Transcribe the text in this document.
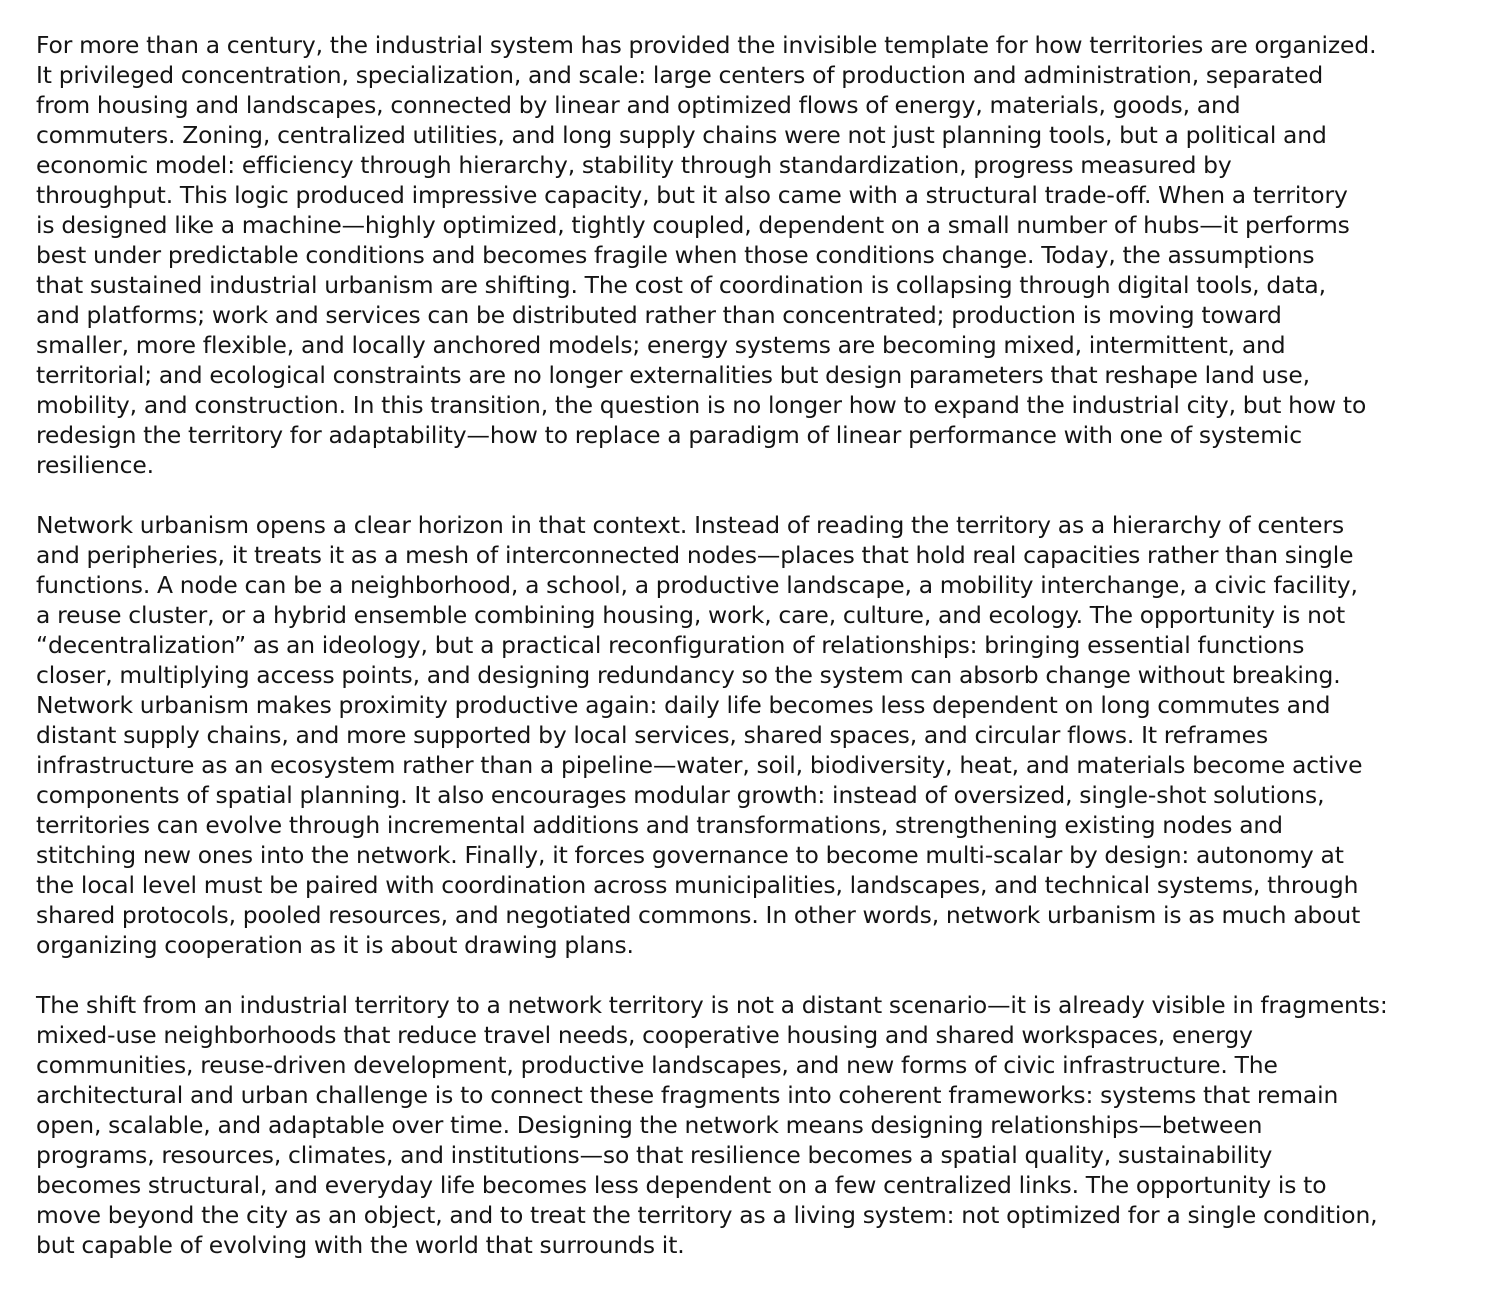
For more than a century, the industrial system has provided the invisible template for how territories are organized.
It privileged concentration, specialization, and scale: large centers of production and administration, separated
from housing and landscapes, connected by linear and optimized flows of energy, materials, goods, and
commuters. Zoning, centralized utilities, and long supply chains were not just planning tools, but a political and
economic model: efficiency through hierarchy, stability through standardization, progress measured by
throughput. This logic produced impressive capacity, but it also came with a structural trade-off. When a territory
is designed like a machine—highly optimized, tightly coupled, dependent on a small number of hubs—it performs
best under predictable conditions and becomes fragile when those conditions change. Today, the assumptions
that sustained industrial urbanism are shifting. The cost of coordination is collapsing through digital tools, data,
and platforms; work and services can be distributed rather than concentrated; production is moving toward
smaller, more flexible, and locally anchored models; energy systems are becoming mixed, intermittent, and
territorial; and ecological constraints are no longer externalities but design parameters that reshape land use,
mobility, and construction. In this transition, the question is no longer how to expand the industrial city, but how to
redesign the territory for adaptability—how to replace a paradigm of linear performance with one of systemic
resilience.

Network urbanism opens a clear horizon in that context. Instead of reading the territory as a hierarchy of centers
and peripheries, it treats it as a mesh of interconnected nodes—places that hold real capacities rather than single
functions. A node can be a neighborhood, a school, a productive landscape, a mobility interchange, a civic facility,
a reuse cluster, or a hybrid ensemble combining housing, work, care, culture, and ecology. The opportunity is not
“decentralization” as an ideology, but a practical reconfiguration of relationships: bringing essential functions
closer, multiplying access points, and designing redundancy so the system can absorb change without breaking.
Network urbanism makes proximity productive again: daily life becomes less dependent on long commutes and
distant supply chains, and more supported by local services, shared spaces, and circular flows. It reframes
infrastructure as an ecosystem rather than a pipeline—water, soil, biodiversity, heat, and materials become active
components of spatial planning. It also encourages modular growth: instead of oversized, single-shot solutions,
territories can evolve through incremental additions and transformations, strengthening existing nodes and
stitching new ones into the network. Finally, it forces governance to become multi-scalar by design: autonomy at
the local level must be paired with coordination across municipalities, landscapes, and technical systems, through
shared protocols, pooled resources, and negotiated commons. In other words, network urbanism is as much about
organizing cooperation as it is about drawing plans.

The shift from an industrial territory to a network territory is not a distant scenario—it is already visible in fragments:
mixed-use neighborhoods that reduce travel needs, cooperative housing and shared workspaces, energy
communities, reuse-driven development, productive landscapes, and new forms of civic infrastructure. The
architectural and urban challenge is to connect these fragments into coherent frameworks: systems that remain
open, scalable, and adaptable over time. Designing the network means designing relationships—between
programs, resources, climates, and institutions—so that resilience becomes a spatial quality, sustainability
becomes structural, and everyday life becomes less dependent on a few centralized links. The opportunity is to
move beyond the city as an object, and to treat the territory as a living system: not optimized for a single condition,
but capable of evolving with the world that surrounds it.
